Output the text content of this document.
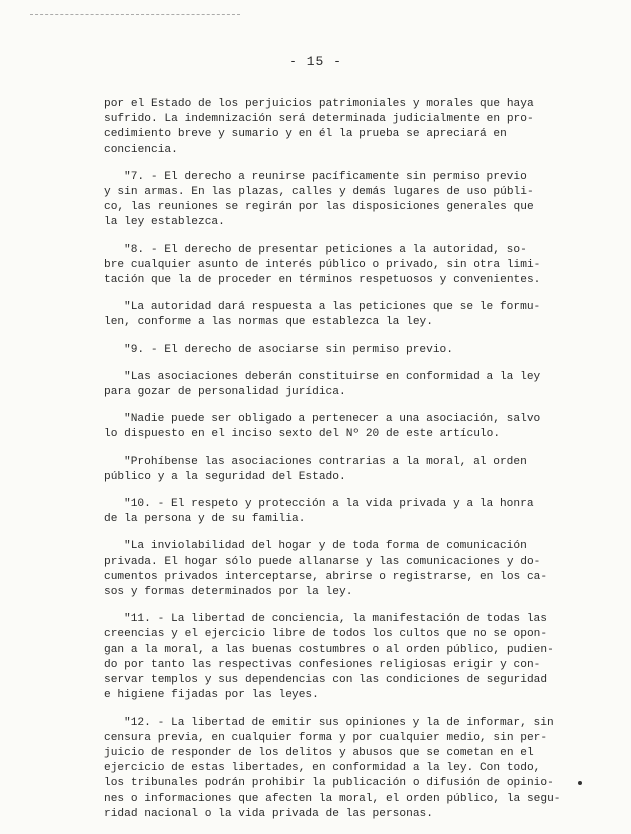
- 15 -
por el Estado de los perjuicios patrimoniales y morales que haya
sufrido. La indemnización será determinada judicialmente en pro-
cedimiento breve y sumario y en él la prueba se apreciará en
conciencia.
"7. - El derecho a reunirse pacíficamente sin permiso previo
y sin armas. En las plazas, calles y demás lugares de uso públi-
co, las reuniones se regirán por las disposiciones generales que
la ley establezca.
"8. - El derecho de presentar peticiones a la autoridad, so-
bre cualquier asunto de interés público o privado, sin otra limi-
tación que la de proceder en términos respetuosos y convenientes.
"La autoridad dará respuesta a las peticiones que se le formu-
len, conforme a las normas que establezca la ley.
"9. - El derecho de asociarse sin permiso previo.
"Las asociaciones deberán constituirse en conformidad a la ley
para gozar de personalidad jurídica.
"Nadie puede ser obligado a pertenecer a una asociación, salvo
lo dispuesto en el inciso sexto del Nº 20 de este artículo.
"Prohíbense las asociaciones contrarias a la moral, al orden
público y a la seguridad del Estado.
"10. - El respeto y protección a la vida privada y a la honra
de la persona y de su familia.
"La inviolabilidad del hogar y de toda forma de comunicación
privada. El hogar sólo puede allanarse y las comunicaciones y do-
cumentos privados interceptarse, abrirse o registrarse, en los ca-
sos y formas determinados por la ley.
"11. - La libertad de conciencia, la manifestación de todas las
creencias y el ejercicio libre de todos los cultos que no se opon-
gan a la moral, a las buenas costumbres o al orden público, pudien-
do por tanto las respectivas confesiones religiosas erigir y con-
servar templos y sus dependencias con las condiciones de seguridad
e higiene fijadas por las leyes.
"12. - La libertad de emitir sus opiniones y la de informar, sin
censura previa, en cualquier forma y por cualquier medio, sin per-
juicio de responder de los delitos y abusos que se cometan en el
ejercicio de estas libertades, en conformidad a la ley. Con todo,
los tribunales podrán prohibir la publicación o difusión de opinio-
nes o informaciones que afecten la moral, el orden público, la segu-
ridad nacional o la vida privada de las personas.
